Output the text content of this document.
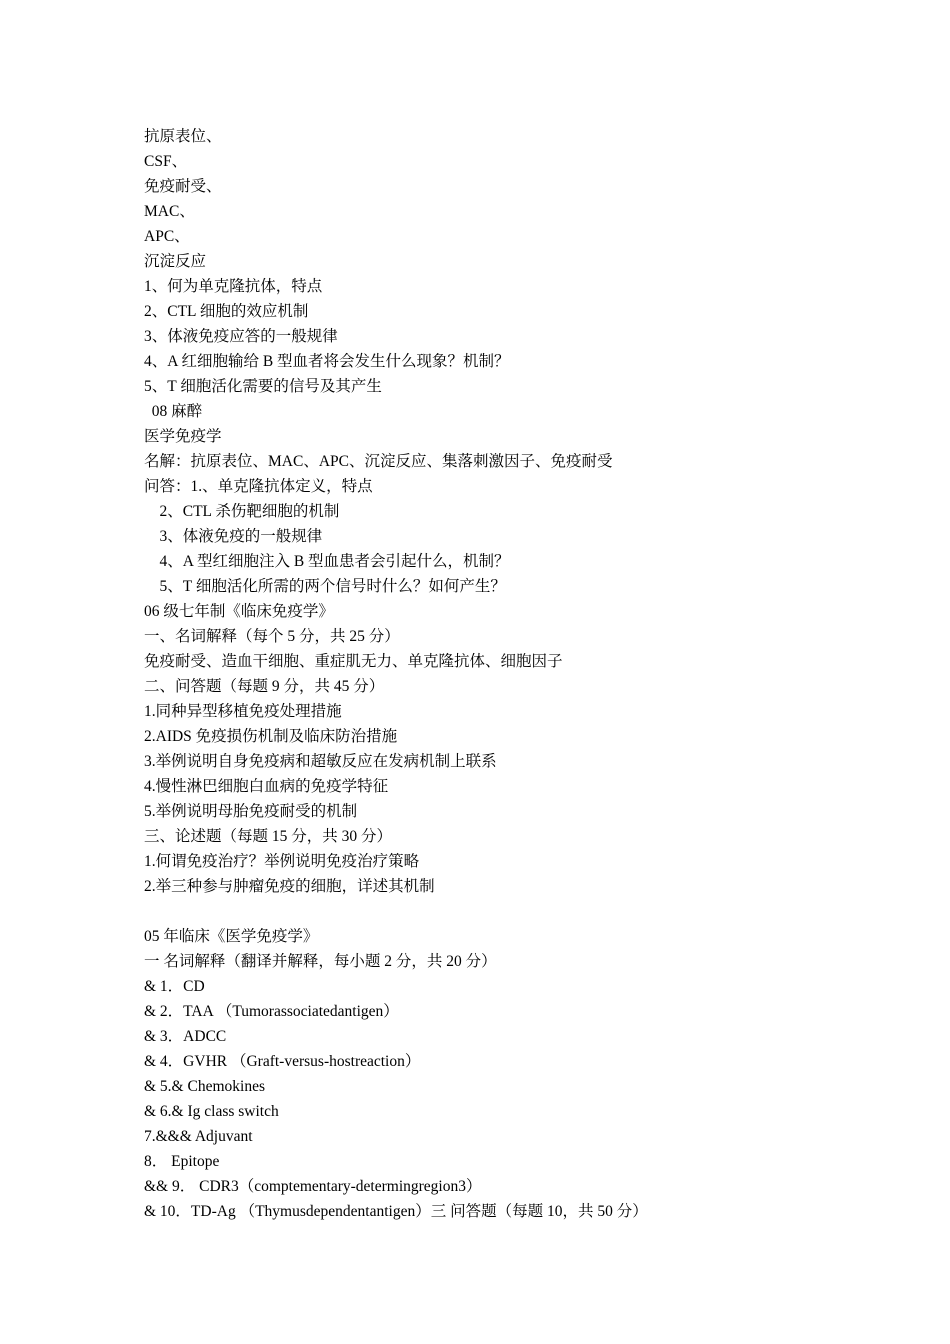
抗原表位、
CSF、
免疫耐受、
MAC、
APC、
沉淀反应
1、何为单克隆抗体，特点
2、CTL 细胞的效应机制
3、体液免疫应答的一般规律
4、A 红细胞输给 B 型血者将会发生什么现象？机制？
5、T 细胞活化需要的信号及其产生
08 麻醉
医学免疫学
名解：抗原表位、MAC、APC、沉淀反应、集落刺激因子、免疫耐受
问答：1.、单克隆抗体定义，特点
2、CTL 杀伤靶细胞的机制
3、体液免疫的一般规律
4、A 型红细胞注入 B 型血患者会引起什么，机制？
5、T 细胞活化所需的两个信号时什么？如何产生？
06 级七年制《临床免疫学》
一、名词解释（每个 5 分，共 25 分）
免疫耐受、造血干细胞、重症肌无力、单克隆抗体、细胞因子
二、问答题（每题 9 分，共 45 分）
1.同种异型移植免疫处理措施
2.AIDS 免疫损伤机制及临床防治措施
3.举例说明自身免疫病和超敏反应在发病机制上联系
4.慢性淋巴细胞白血病的免疫学特征
5.举例说明母胎免疫耐受的机制
三、论述题（每题 15 分，共 30 分）
1.何谓免疫治疗？举例说明免疫治疗策略
2.举三种参与肿瘤免疫的细胞，详述其机制
05 年临床《医学免疫学》
一 名词解释（翻译并解释，每小题 2 分，共 20 分）
& 1．CD
& 2．TAA （Tumorassociatedantigen）
& 3．ADCC
& 4．GVHR （Graft-versus-hostreaction）
& 5.& Chemokines
& 6.& Ig class switch
7.&&& Adjuvant
8． Epitope
&& 9． CDR3（comptementary-determingregion3）
& 10．TD-Ag （Thymusdependentantigen）三 问答题（每题 10，共 50 分）
